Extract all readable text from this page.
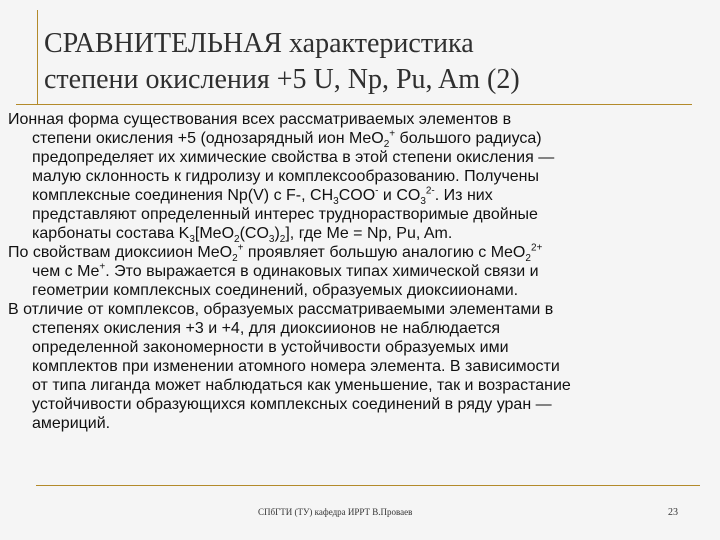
СРАВНИТЕЛЬНАЯ характеристика
степени окисления +5 U, Np, Pu, Am (2)

Ионная форма существования всех рассматриваемых элементов в
степени окисления +5 (однозарядный ион MeO$_2$+ большого радиуса)
предопределяет их химические свойства в этой степени окисления —
малую склонность к гидролизу и комплексообразованию. Получены
комплексные соединения Np(V) с F-, $CH_3COO^-$ и $CO_3^{2-}$. Из них
представляют определенный интерес труднорастворимые двойные
карбонаты состава $K_3[MeO_2(CO_3)_2]$, где Me = Np, Pu, Am.

По свойствам диоксиион MeO$_2$+ проявляет большую аналогию с MeO$_2^{2+}$
чем с Me+. Это выражается в одинаковых типах химической связи и
геометрии комплексных соединений, образуемых диоксиионами.

В отличие от комплексов, образуемых рассматриваемыми элементами в
степенях окисления +3 и +4, для диоксиионов не наблюдается
определенной закономерности в устойчивости образуемых ими
комплектов при изменении атомного номера элемента. В зависимости
от типа лиганда может наблюдаться как уменьшение, так и возрастание
устойчивости образующихся комплексных соединений в ряду уран —
америций.

СПбГТИ (ТУ) кафедра ИРРТ В.Проваев	23
